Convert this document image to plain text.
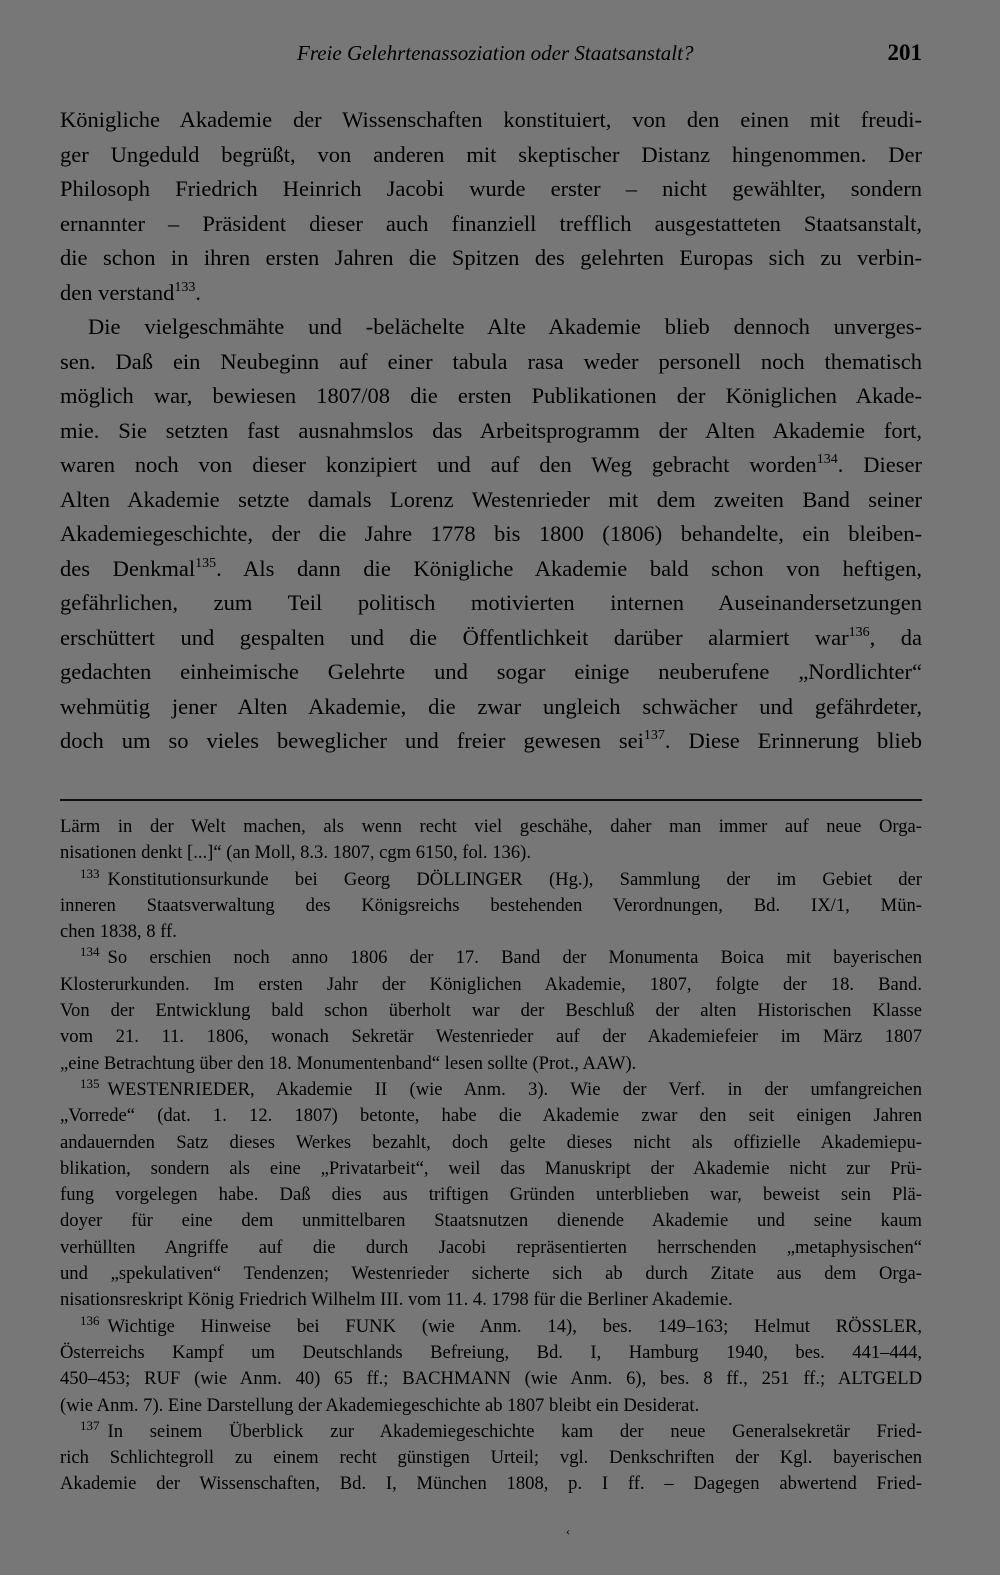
Freie Gelehrtenassoziation oder Staatsanstalt?	201
Königliche Akademie der Wissenschaften konstituiert, von den einen mit freudi-
ger Ungeduld begrüßt, von anderen mit skeptischer Distanz hingenommen. Der
Philosoph Friedrich Heinrich Jacobi wurde erster – nicht gewählter, sondern
ernannter – Präsident dieser auch finanziell trefflich ausgestatteten Staatsanstalt,
die schon in ihren ersten Jahren die Spitzen des gelehrten Europas sich zu verbin-
den verstand$^{133}$.
Die vielgeschmähte und -belächelte Alte Akademie blieb dennoch unverges-
sen. Daß ein Neubeginn auf einer tabula rasa weder personell noch thematisch
möglich war, bewiesen 1807/08 die ersten Publikationen der Königlichen Akade-
mie. Sie setzten fast ausnahmslos das Arbeitsprogramm der Alten Akademie fort,
waren noch von dieser konzipiert und auf den Weg gebracht worden$^{134}$. Dieser
Alten Akademie setzte damals Lorenz Westenrieder mit dem zweiten Band seiner
Akademiegeschichte, der die Jahre 1778 bis 1800 (1806) behandelte, ein bleiben-
des Denkmal$^{135}$. Als dann die Königliche Akademie bald schon von heftigen,
gefährlichen, zum Teil politisch motivierten internen Auseinandersetzungen
erschüttert und gespalten und die Öffentlichkeit darüber alarmiert war$^{136}$, da
gedachten einheimische Gelehrte und sogar einige neuberufene „Nordlichter“
wehmütig jener Alten Akademie, die zwar ungleich schwächer und gefährdeter,
doch um so vieles beweglicher und freier gewesen sei$^{137}$. Diese Erinnerung blieb
Lärm in der Welt machen, als wenn recht viel geschähe, daher man immer auf neue Orga-
nisationen denkt [...]“ (an Moll, 8.3. 1807, cgm 6150, fol. 136).
$^{133}$ Konstitutionsurkunde bei Georg DÖLLINGER (Hg.), Sammlung der im Gebiet der
inneren Staatsverwaltung des Königsreichs bestehenden Verordnungen, Bd. IX/1, Mün-
chen 1838, 8 ff.
$^{134}$ So erschien noch anno 1806 der 17. Band der Monumenta Boica mit bayerischen
Klosterurkunden. Im ersten Jahr der Königlichen Akademie, 1807, folgte der 18. Band.
Von der Entwicklung bald schon überholt war der Beschluß der alten Historischen Klasse
vom 21. 11. 1806, wonach Sekretär Westenrieder auf der Akademiefeier im März 1807
„eine Betrachtung über den 18. Monumentenband“ lesen sollte (Prot., AAW).
$^{135}$ WESTENRIEDER, Akademie II (wie Anm. 3). Wie der Verf. in der umfangreichen
„Vorrede“ (dat. 1. 12. 1807) betonte, habe die Akademie zwar den seit einigen Jahren
andauernden Satz dieses Werkes bezahlt, doch gelte dieses nicht als offizielle Akademiepu-
blikation, sondern als eine „Privatarbeit“, weil das Manuskript der Akademie nicht zur Prü-
fung vorgelegen habe. Daß dies aus triftigen Gründen unterblieben war, beweist sein Plä-
doyer für eine dem unmittelbaren Staatsnutzen dienende Akademie und seine kaum
verhüllten Angriffe auf die durch Jacobi repräsentierten herrschenden „metaphysischen“
und „spekulativen“ Tendenzen; Westenrieder sicherte sich ab durch Zitate aus dem Orga-
nisationsreskript König Friedrich Wilhelm III. vom 11. 4. 1798 für die Berliner Akademie.
$^{136}$ Wichtige Hinweise bei FUNK (wie Anm. 14), bes. 149–163; Helmut RÖSSLER,
Österreichs Kampf um Deutschlands Befreiung, Bd. I, Hamburg 1940, bes. 441–444,
450–453; RUF (wie Anm. 40) 65 ff.; BACHMANN (wie Anm. 6), bes. 8 ff., 251 ff.; ALTGELD
(wie Anm. 7). Eine Darstellung der Akademiegeschichte ab 1807 bleibt ein Desiderat.
$^{137}$ In seinem Überblick zur Akademiegeschichte kam der neue Generalsekretär Fried-
rich Schlichtegroll zu einem recht günstigen Urteil; vgl. Denkschriften der Kgl. bayerischen
Akademie der Wissenschaften, Bd. I, München 1808, p. I ff. – Dagegen abwertend Fried-
‹
